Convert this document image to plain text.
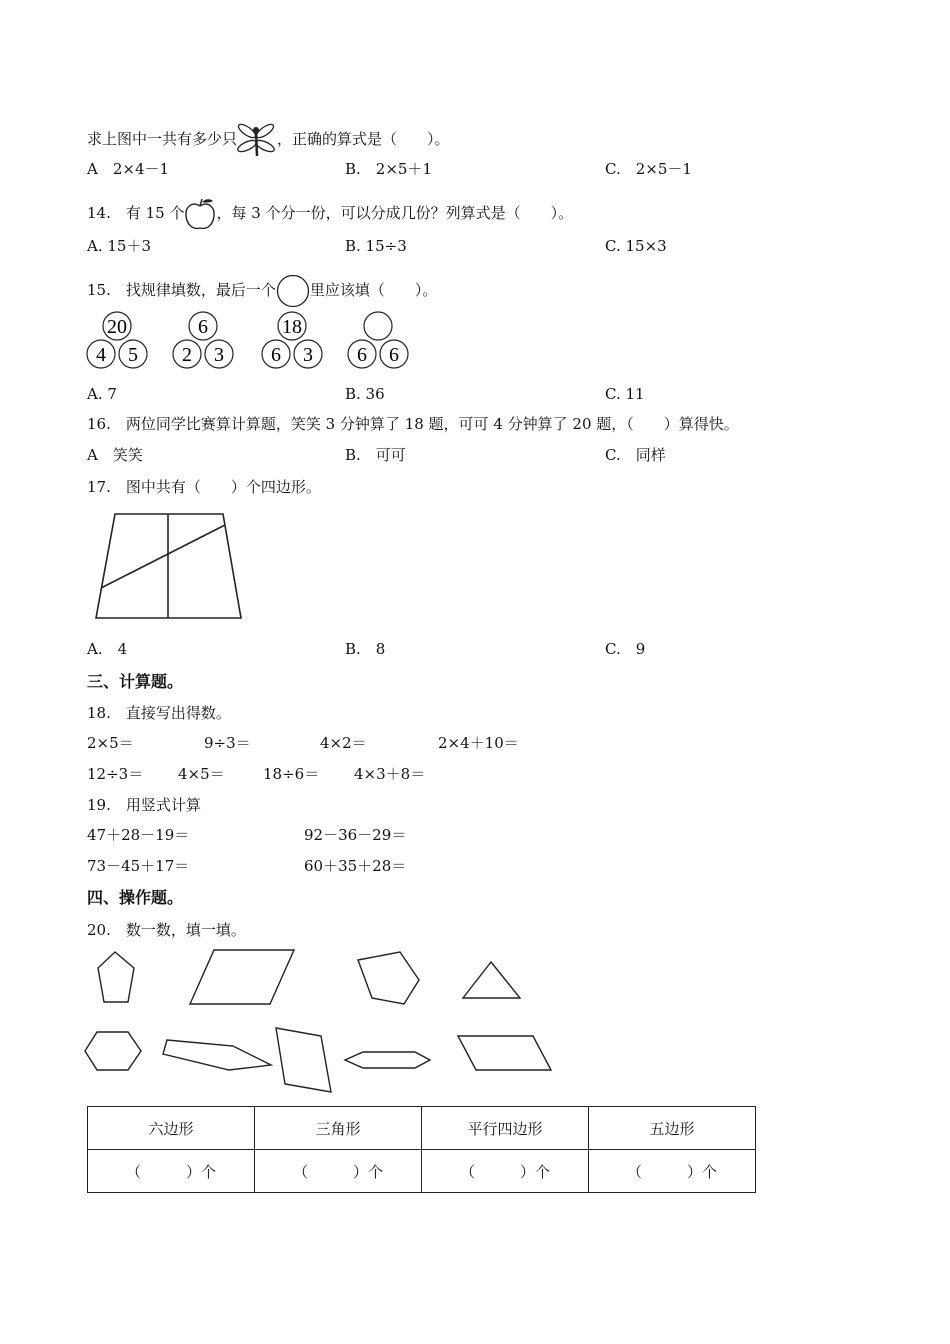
求上图中一共有多少只	，正确的算式是（　　）。
A　2×4－1	B.　2×5＋1	C.　2×5－1
14.　有 15 个 ，每 3 个分一份，可以分成几份？列算式是（　　）。
A. 15＋3	B. 15÷3	C. 15×3
15.　找规律填数，最后一个 里应该填（　　）。
20
4 5
6
2 3
18
6 3 6 6
A. 7	B. 36	C. 11
16.　两位同学比赛算计算题，笑笑 3 分钟算了 18 题，可可 4 分钟算了 20 题，（　　）算得快。
A　笑笑	B.　可可	C.　同样
17.　图中共有（　　）个四边形。
A.　4	B.　8	C.　9
三、计算题。
18.　直接写出得数。
2×5＝	9÷3＝	4×2＝	2×4＋10＝
12÷3＝ 4×5＝	18÷6＝ 4×3＋8＝
19.　用竖式计算
47＋28－19＝	92－36－29＝
73－45＋17＝	60＋35＋28＝
四、操作题。
20.　数一数，填一填。
六边形	三角形	平行四边形	五边形
（　　　）个	（　　　）个	（　　　）个	（　　　）个
